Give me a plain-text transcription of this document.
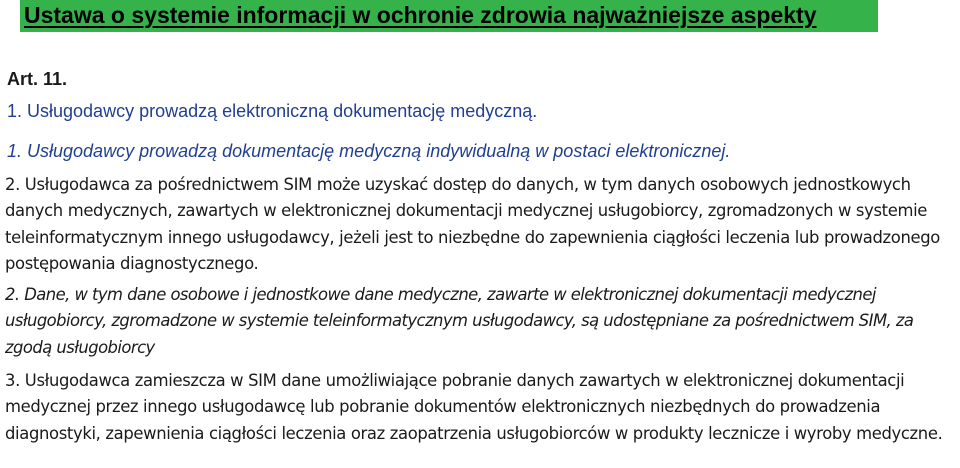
Ustawa o systemie informacji w ochronie zdrowia najważniejsze aspekty
Art. 11.
1. Usługodawcy prowadzą elektroniczną dokumentację medyczną.
1. Usługodawcy prowadzą dokumentację medyczną indywidualną w postaci elektronicznej.
2. Usługodawca za pośrednictwem SIM może uzyskać dostęp do danych, w tym danych osobowych jednostkowych danych medycznych, zawartych w elektronicznej dokumentacji medycznej usługobiorcy, zgromadzonych w systemie teleinformatycznym innego usługodawcy, jeżeli jest to niezbędne do zapewnienia ciągłości leczenia lub prowadzonego postępowania diagnostycznego.
2. Dane, w tym dane osobowe i jednostkowe dane medyczne, zawarte w elektronicznej dokumentacji medycznej usługobiorcy, zgromadzone w systemie teleinformatycznym usługodawcy, są udostępniane za pośrednictwem SIM, za zgodą usługobiorcy
3. Usługodawca zamieszcza w SIM dane umożliwiające pobranie danych zawartych w elektronicznej dokumentacji medycznej przez innego usługodawcę lub pobranie dokumentów elektronicznych niezbędnych do prowadzenia diagnostyki, zapewnienia ciągłości leczenia oraz zaopatrzenia usługobiorców w produkty lecznicze i wyroby medyczne.
